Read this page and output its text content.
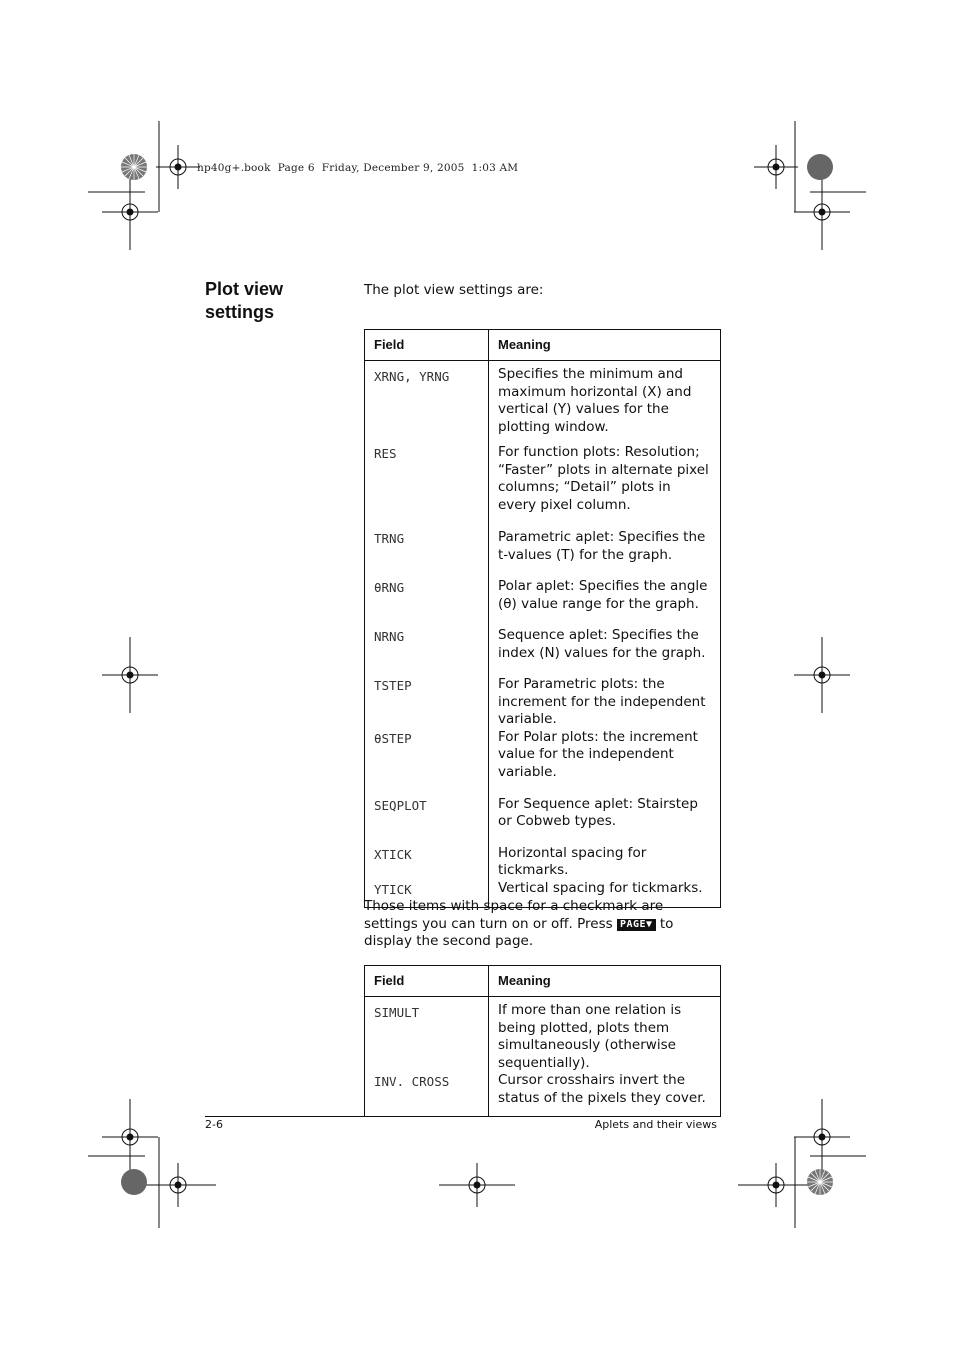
hp40g+.book  Page 6  Friday, December 9, 2005  1:03 AM
Plot view settings
The plot view settings are:
Field	Meaning
XRNG, YRNG	Specifies the minimum and maximum horizontal (X) and vertical (Y) values for the plotting window.
RES	For function plots: Resolution; “Faster” plots in alternate pixel columns; “Detail” plots in every pixel column.
TRNG	Parametric aplet: Specifies the t-values (T) for the graph.
θRNG	Polar aplet: Specifies the angle (θ) value range for the graph.
NRNG	Sequence aplet: Specifies the index (N) values for the graph.
TSTEP	For Parametric plots: the increment for the independent variable.
θSTEP	For Polar plots: the increment value for the independent variable.
SEQPLOT	For Sequence aplet: Stairstep or Cobweb types.
XTICK	Horizontal spacing for tickmarks.
YTICK	Vertical spacing for tickmarks.
Those items with space for a checkmark are settings you can turn on or off. Press PAGE▼ to display the second page.
Field	Meaning
SIMULT	If more than one relation is being plotted, plots them simultaneously (otherwise sequentially).
INV. CROSS	Cursor crosshairs invert the status of the pixels they cover.
2-6	Aplets and their views
